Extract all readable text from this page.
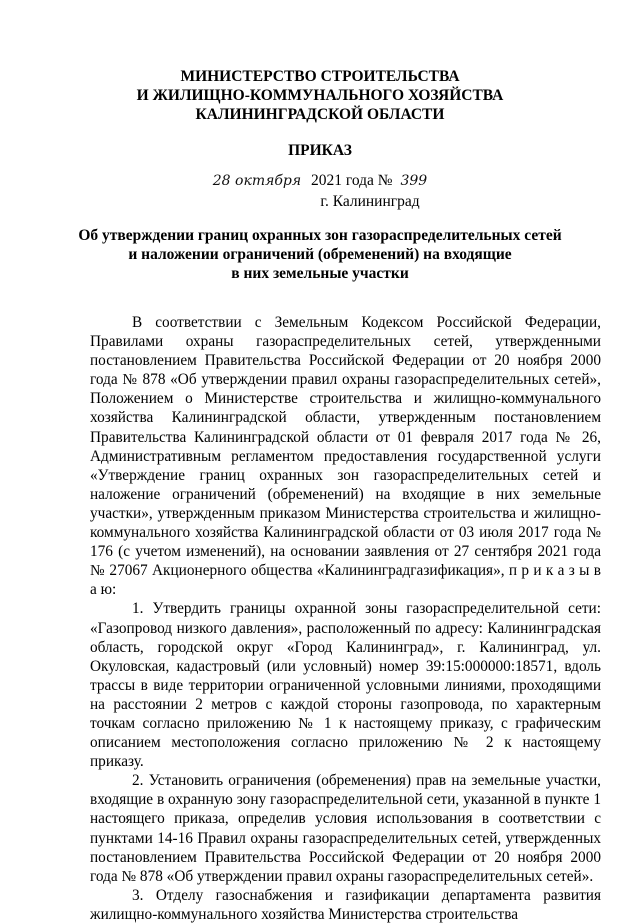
МИНИСТЕРСТВО СТРОИТЕЛЬСТВА
И ЖИЛИЩНО-КОММУНАЛЬНОГО ХОЗЯЙСТВА
КАЛИНИНГРАДСКОЙ ОБЛАСТИ
ПРИКАЗ
28 октября 2021 года № 399
г. Калининград
Об утверждении границ охранных зон газораспределительных сетей
и наложении ограничений (обременений) на входящие
в них земельные участки

В соответствии с Земельным Кодексом Российской Федерации, Правилами охраны газораспределительных сетей, утвержденными постановлением Правительства Российской Федерации от 20 ноября 2000 года № 878 «Об утверждении правил охраны газораспределительных сетей», Положением о Министерстве строительства и жилищно-коммунального хозяйства Калининградской области, утвержденным постановлением Правительства Калининградской области от 01 февраля 2017 года № 26, Административным регламентом предоставления государственной услуги «Утверждение границ охранных зон газораспределительных сетей и наложение ограничений (обременений) на входящие в них земельные участки», утвержденным приказом Министерства строительства и жилищно-коммунального хозяйства Калининградской области от 03 июля 2017 года № 176 (с учетом изменений), на основании заявления от 27 сентября 2021 года № 27067 Акционерного общества «Калининградгазификация», п р и к а з ы в а ю:

1. Утвердить границы охранной зоны газораспределительной сети: «Газопровод низкого давления», расположенный по адресу: Калининградская область, городской округ «Город Калининград», г. Калининград, ул. Окуловская, кадастровый (или условный) номер 39:15:000000:18571, вдоль трассы в виде территории ограниченной условными линиями, проходящими на расстоянии 2 метров с каждой стороны газопровода, по характерным точкам согласно приложению № 1 к настоящему приказу, с графическим описанием местоположения согласно приложению № 2 к настоящему приказу.

2. Установить ограничения (обременения) прав на земельные участки, входящие в охранную зону газораспределительной сети, указанной в пункте 1 настоящего приказа, определив условия использования в соответствии с пунктами 14-16 Правил охраны газораспределительных сетей, утвержденных постановлением Правительства Российской Федерации от 20 ноября 2000 года № 878 «Об утверждении правил охраны газораспределительных сетей».

3. Отделу газоснабжения и газификации департамента развития жилищно-коммунального хозяйства Министерства строительства
